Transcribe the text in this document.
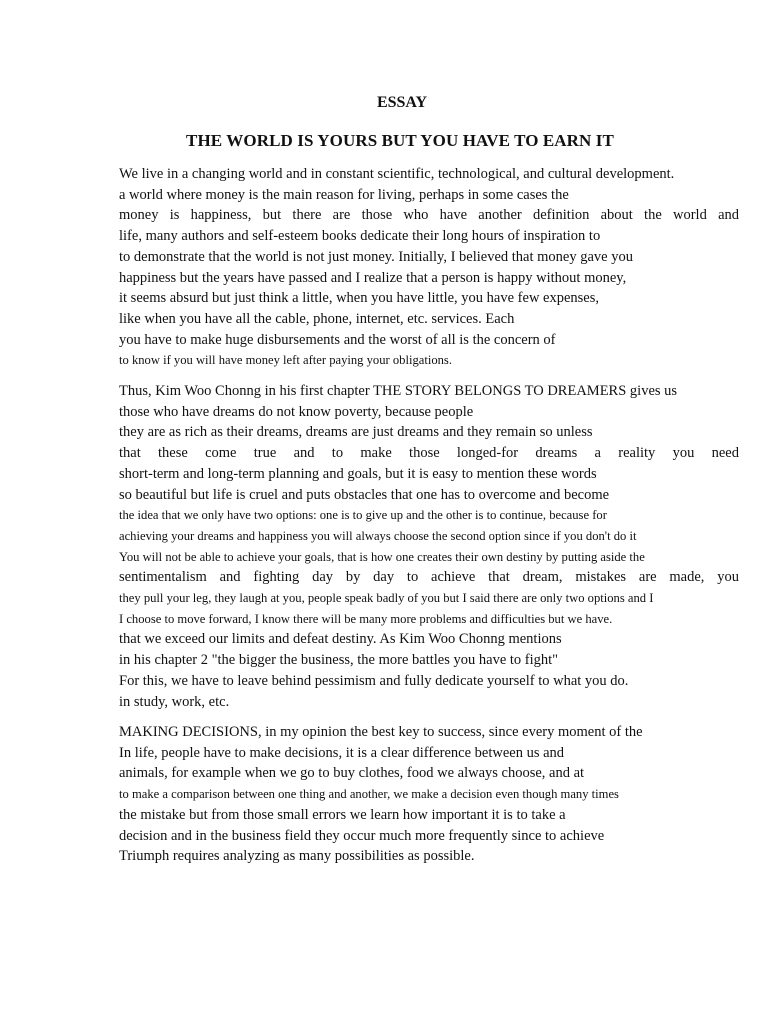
ESSAY
THE WORLD IS YOURS BUT YOU HAVE TO EARN IT

We live in a changing world and in constant scientific, technological, and cultural development.
a world where money is the main reason for living, perhaps in some cases the
money is happiness, but there are those who have another definition about the world and
life, many authors and self-esteem books dedicate their long hours of inspiration to
to demonstrate that the world is not just money. Initially, I believed that money gave you
happiness but the years have passed and I realize that a person is happy without money,
it seems absurd but just think a little, when you have little, you have few expenses,
like when you have all the cable, phone, internet, etc. services. Each
you have to make huge disbursements and the worst of all is the concern of
to know if you will have money left after paying your obligations.

Thus, Kim Woo Chonng in his first chapter THE STORY BELONGS TO DREAMERS gives us
those who have dreams do not know poverty, because people
they are as rich as their dreams, dreams are just dreams and they remain so unless
that these come true and to make those longed-for dreams a reality you need
short-term and long-term planning and goals, but it is easy to mention these words
so beautiful but life is cruel and puts obstacles that one has to overcome and become
the idea that we only have two options: one is to give up and the other is to continue, because for
achieving your dreams and happiness you will always choose the second option since if you don't do it
You will not be able to achieve your goals, that is how one creates their own destiny by putting aside the
sentimentalism and fighting day by day to achieve that dream, mistakes are made, you
they pull your leg, they laugh at you, people speak badly of you but I said there are only two options and I
I choose to move forward, I know there will be many more problems and difficulties but we have.
that we exceed our limits and defeat destiny. As Kim Woo Chonng mentions
in his chapter 2 "the bigger the business, the more battles you have to fight"
For this, we have to leave behind pessimism and fully dedicate yourself to what you do.
in study, work, etc.

MAKING DECISIONS, in my opinion the best key to success, since every moment of the
In life, people have to make decisions, it is a clear difference between us and
animals, for example when we go to buy clothes, food we always choose, and at
to make a comparison between one thing and another, we make a decision even though many times
the mistake but from those small errors we learn how important it is to take a
decision and in the business field they occur much more frequently since to achieve
Triumph requires analyzing as many possibilities as possible.
